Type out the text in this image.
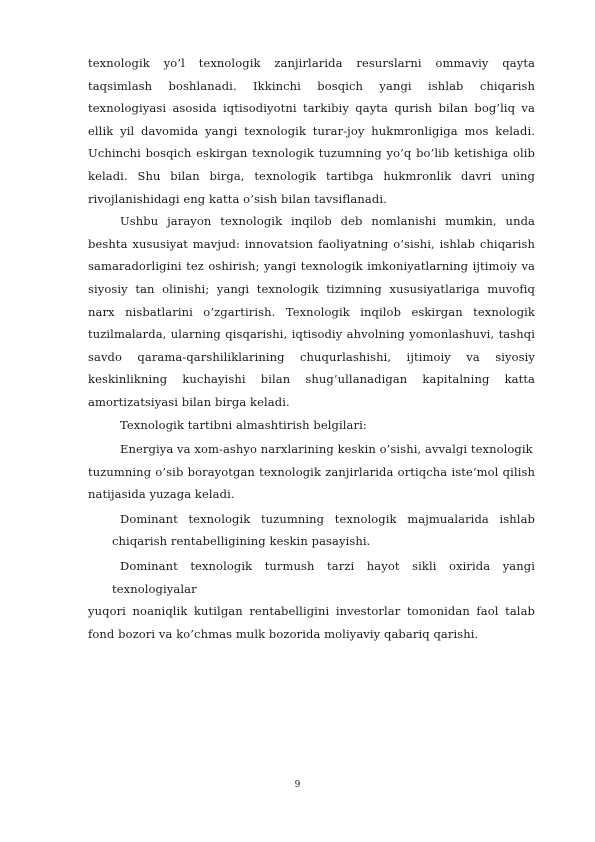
texnologik yo’l texnologik zanjirlarida resurslarni ommaviy qayta taqsimlash boshlanadi. Ikkinchi bosqich yangi ishlab chiqarish texnologiyasi asosida iqtisodiyotni tarkibiy qayta qurish bilan bog’liq va ellik yil davomida yangi texnologik turar-joy hukmronligiga mos keladi. Uchinchi bosqich eskirgan texnologik tuzumning yo’q bo’lib ketishiga olib keladi. Shu bilan birga, texnologik tartibga hukmronlik davri uning rivojlanishidagi eng katta o’sish bilan tavsiflanadi.

Ushbu jarayon texnologik inqilob deb nomlanishi mumkin, unda beshta xususiyat mavjud: innovatsion faoliyatning o’sishi, ishlab chiqarish samaradorligini tez oshirish; yangi texnologik imkoniyatlarning ijtimoiy va siyosiy tan olinishi; yangi texnologik tizimning xususiyatlariga muvofiq narx nisbatlarini o’zgartirish. Texnologik inqilob eskirgan texnologik tuzilmalarda, ularning qisqarishi, iqtisodiy ahvolning yomonlashuvi, tashqi savdo qarama-qarshiliklarining chuqurlashishi, ijtimoiy va siyosiy keskinlikning kuchayishi bilan shug’ullanadigan kapitalning katta amortizatsiyasi bilan birga keladi.

Texnologik tartibni almashtirish belgilari:

Energiya va xom-ashyo narxlarining keskin o’sishi, avvalgi texnologik

tuzumning o’sib borayotgan texnologik zanjirlarida ortiqcha iste‘mol qilish natijasida yuzaga keladi.

Dominant texnologik tuzumning texnologik majmualarida ishlab chiqarish rentabelligining keskin pasayishi.

Dominant texnologik turmush tarzi hayot sikli oxirida yangi texnologiyalar

yuqori noaniqlik kutilgan rentabelligini investorlar tomonidan faol talab fond bozori va ko’chmas mulk bozorida moliyaviy qabariq qarishi.

9
